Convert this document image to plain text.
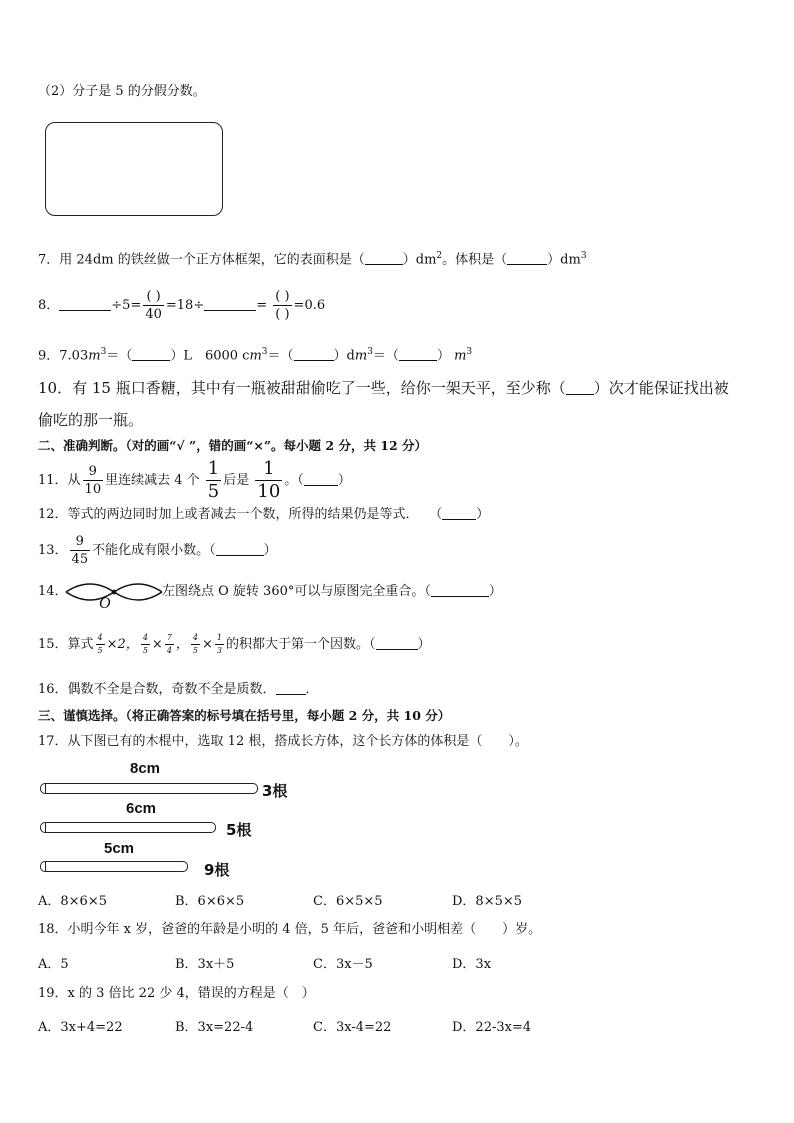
（2）分子是 5 的分假分数。
7．用 24dm 的铁丝做一个正方体框架，它的表面积是（	）$dm^2$。体积是（	）$dm^3$
8．	$\div 5= \frac{( )}{40} =18\div$	= $\frac{( )}{( )} =0.6$
9．$7.03m^3=$（	）L　6000 $cm^3=$（	）$dm^3=$（	） $m^3$
10．有 15 瓶口香糖，其中有一瓶被甜甜偷吃了一些，给你一架天平，至少称（ ）次才能保证找出被
偷吃的那一瓶。
二、准确判断。（对的画“√ ”，错的画“×”。每小题 2 分，共 12 分）
11．从 $\frac{9}{10}$ 里连续减去 4 个 $\frac{1}{5}$ 后是 $\frac{1}{10}$ 。（	）
12．等式的两边同时加上或者减去一个数，所得的结果仍是等式．　 （	）
13． $\frac{9}{45}$ 不能化成有限小数。（	）
14．
O
左图绕点 O 旋转 360°可以与原图完全重合。（	）
15．算式 $\frac{4}{5} \times 2$， $\frac{4}{5} \times \frac{7}{4}$ ， $\frac{4}{5} \times \frac{1}{3}$ 的积都大于第一个因数。（	）
16．偶数不全是合数，奇数不全是质数． ．
三、谨慎选择。（将正确答案的标号填在括号里，每小题 2 分，共 10 分）
17．从下图已有的木棍中，选取 12 根，搭成长方体，这个长方体的体积是（　　）。
8cm
3根
6cm
5根
5cm
9根
A．8×6×5	B．6×6×5	C．6×5×5	D．8×5×5
18．小明今年 x 岁，爸爸的年龄是小明的 4 倍，5 年后，爸爸和小明相差（　　）岁。
A．5	B．3x＋5	C．3x－5	D．3x
19．x 的 3 倍比 22 少 4，错误的方程是（　）
A．3x+4=22	B．3x=22-4	C．3x-4=22	D．22-3x=4
